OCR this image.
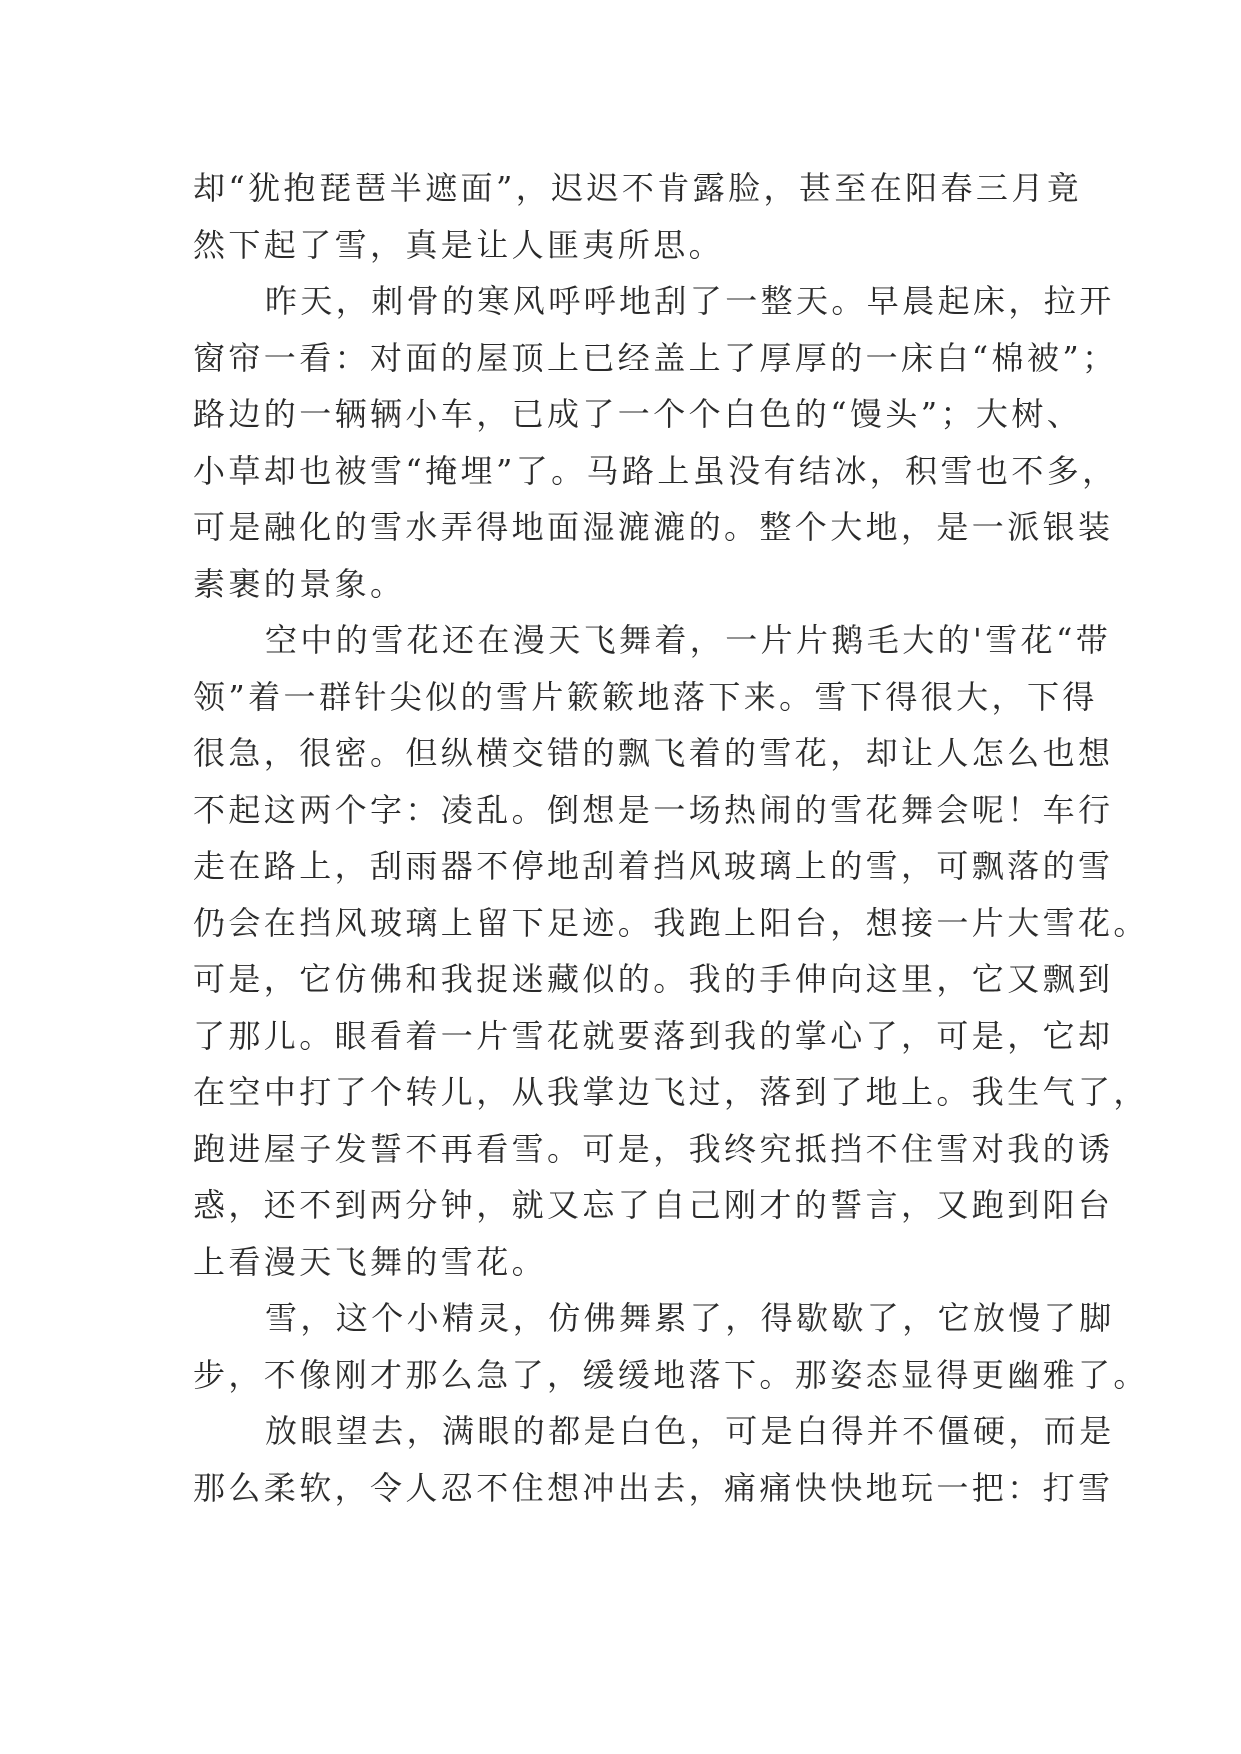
却“犹抱琵琶半遮面”，迟迟不肯露脸，甚至在阳春三月竟
然下起了雪，真是让人匪夷所思。
昨天，刺骨的寒风呼呼地刮了一整天。早晨起床，拉开
窗帘一看：对面的屋顶上已经盖上了厚厚的一床白“棉被”；
路边的一辆辆小车，已成了一个个白色的“馒头”；大树、
小草却也被雪“掩埋”了。马路上虽没有结冰，积雪也不多，
可是融化的雪水弄得地面湿漉漉的。整个大地，是一派银装
素裹的景象。
空中的雪花还在漫天飞舞着，一片片鹅毛大的'雪花“带
领”着一群针尖似的雪片簌簌地落下来。雪下得很大，下得
很急，很密。但纵横交错的飘飞着的雪花，却让人怎么也想
不起这两个字：凌乱。倒想是一场热闹的雪花舞会呢！车行
走在路上，刮雨器不停地刮着挡风玻璃上的雪，可飘落的雪
仍会在挡风玻璃上留下足迹。我跑上阳台，想接一片大雪花。
可是，它仿佛和我捉迷藏似的。我的手伸向这里，它又飘到
了那儿。眼看着一片雪花就要落到我的掌心了，可是，它却
在空中打了个转儿，从我掌边飞过，落到了地上。我生气了，
跑进屋子发誓不再看雪。可是，我终究抵挡不住雪对我的诱
惑，还不到两分钟，就又忘了自己刚才的誓言，又跑到阳台
上看漫天飞舞的雪花。
雪，这个小精灵，仿佛舞累了，得歇歇了，它放慢了脚
步，不像刚才那么急了，缓缓地落下。那姿态显得更幽雅了。
放眼望去，满眼的都是白色，可是白得并不僵硬，而是
那么柔软，令人忍不住想冲出去，痛痛快快地玩一把：打雪
